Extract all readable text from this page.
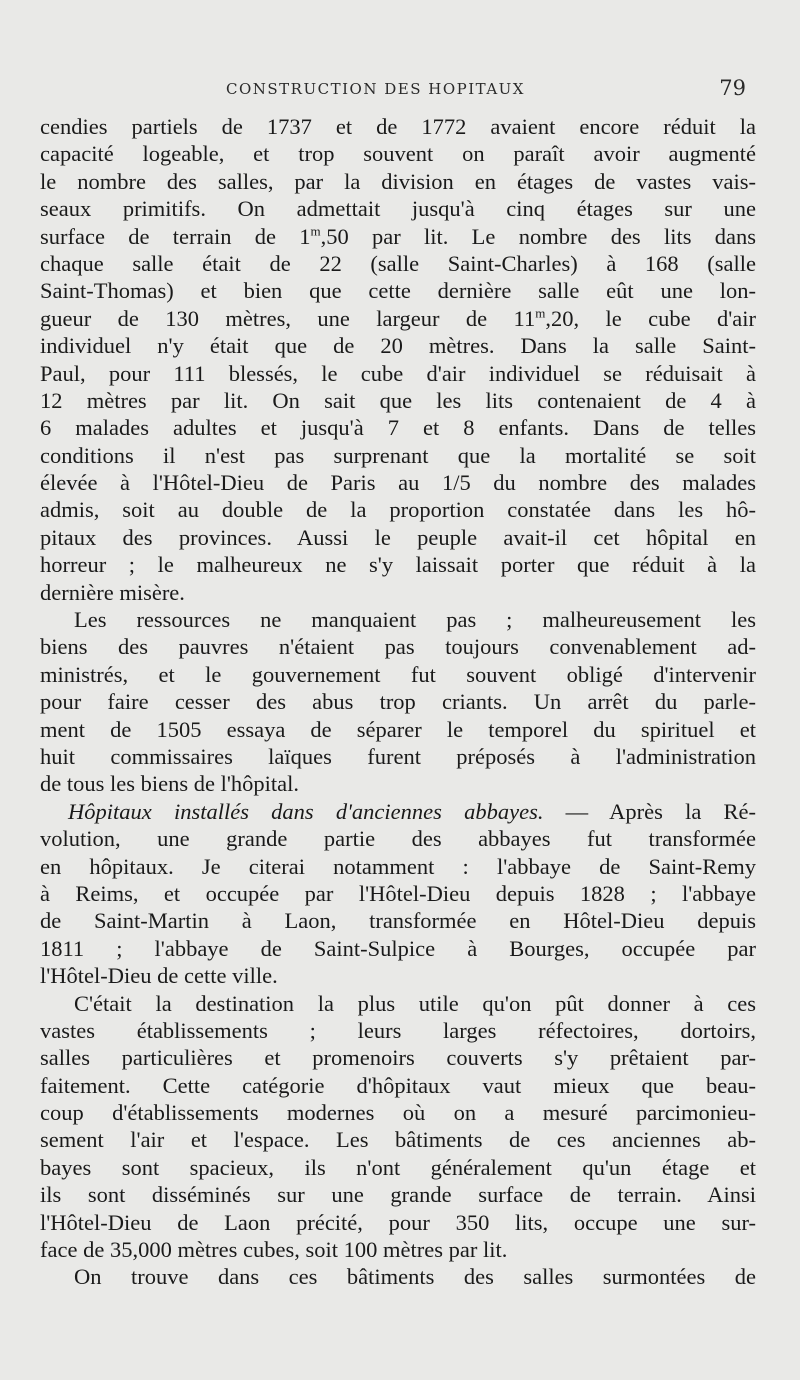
CONSTRUCTION DES HOPITAUX	79
cendies partiels de 1737 et de 1772 avaient encore réduit la
capacité logeable, et trop souvent on paraît avoir augmenté
le nombre des salles, par la division en étages de vastes vais-
seaux primitifs. On admettait jusqu'à cinq étages sur une
surface de terrain de 1$^m$,50 par lit. Le nombre des lits dans
chaque salle était de 22 (salle Saint-Charles) à 168 (salle
Saint-Thomas) et bien que cette dernière salle eût une lon-
gueur de 130 mètres, une largeur de 11$^m$,20, le cube d'air
individuel n'y était que de 20 mètres. Dans la salle Saint-
Paul, pour 111 blessés, le cube d'air individuel se réduisait à
12 mètres par lit. On sait que les lits contenaient de 4 à
6 malades adultes et jusqu'à 7 et 8 enfants. Dans de telles
conditions il n'est pas surprenant que la mortalité se soit
élevée à l'Hôtel-Dieu de Paris au 1/5 du nombre des malades
admis, soit au double de la proportion constatée dans les hô-
pitaux des provinces. Aussi le peuple avait-il cet hôpital en
horreur ; le malheureux ne s'y laissait porter que réduit à la
dernière misère.
Les ressources ne manquaient pas ; malheureusement les
biens des pauvres n'étaient pas toujours convenablement ad-
ministrés, et le gouvernement fut souvent obligé d'intervenir
pour faire cesser des abus trop criants. Un arrêt du parle-
ment de 1505 essaya de séparer le temporel du spirituel et
huit commissaires laïques furent préposés à l'administration
de tous les biens de l'hôpital.
Hôpitaux installés dans d'anciennes abbayes. — Après la Ré-
volution, une grande partie des abbayes fut transformée
en hôpitaux. Je citerai notamment : l'abbaye de Saint-Remy
à Reims, et occupée par l'Hôtel-Dieu depuis 1828 ; l'abbaye
de Saint-Martin à Laon, transformée en Hôtel-Dieu depuis
1811 ; l'abbaye de Saint-Sulpice à Bourges, occupée par
l'Hôtel-Dieu de cette ville.
C'était la destination la plus utile qu'on pût donner à ces
vastes établissements ; leurs larges réfectoires, dortoirs,
salles particulières et promenoirs couverts s'y prêtaient par-
faitement. Cette catégorie d'hôpitaux vaut mieux que beau-
coup d'établissements modernes où on a mesuré parcimonieu-
sement l'air et l'espace. Les bâtiments de ces anciennes ab-
bayes sont spacieux, ils n'ont généralement qu'un étage et
ils sont disséminés sur une grande surface de terrain. Ainsi
l'Hôtel-Dieu de Laon précité, pour 350 lits, occupe une sur-
face de 35,000 mètres cubes, soit 100 mètres par lit.
On trouve dans ces bâtiments des salles surmontées de
